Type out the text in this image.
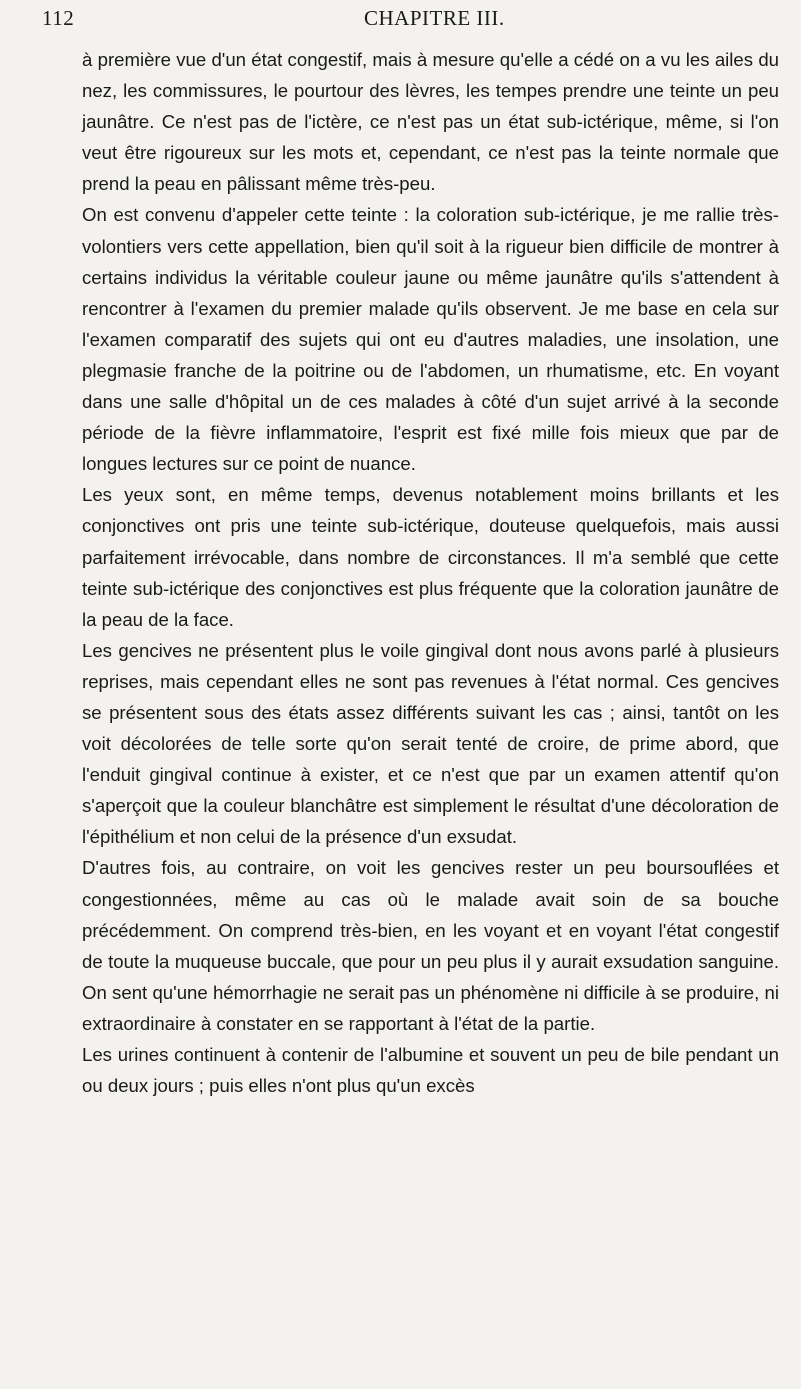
112	CHAPITRE III.

à première vue d'un état congestif, mais à mesure qu'elle a cédé on a vu les ailes du nez, les commissures, le pourtour des lèvres, les tempes prendre une teinte un peu jaunâtre. Ce n'est pas de l'ictère, ce n'est pas un état sub-ictérique, même, si l'on veut être rigoureux sur les mots et, cependant, ce n'est pas la teinte normale que prend la peau en pâlissant même très-peu.

On est convenu d'appeler cette teinte : la coloration sub-ictérique, je me rallie très-volontiers vers cette appellation, bien qu'il soit à la rigueur bien difficile de montrer à certains individus la véritable couleur jaune ou même jaunâtre qu'ils s'attendent à rencontrer à l'examen du premier malade qu'ils observent. Je me base en cela sur l'examen comparatif des sujets qui ont eu d'autres maladies, une insolation, une plegmasie franche de la poitrine ou de l'abdomen, un rhumatisme, etc. En voyant dans une salle d'hôpital un de ces malades à côté d'un sujet arrivé à la seconde période de la fièvre inflammatoire, l'esprit est fixé mille fois mieux que par de longues lectures sur ce point de nuance.

Les yeux sont, en même temps, devenus notablement moins brillants et les conjonctives ont pris une teinte sub-ictérique, douteuse quelquefois, mais aussi parfaitement irrévocable, dans nombre de circonstances. Il m'a semblé que cette teinte sub-ictérique des conjonctives est plus fréquente que la coloration jaunâtre de la peau de la face.

Les gencives ne présentent plus le voile gingival dont nous avons parlé à plusieurs reprises, mais cependant elles ne sont pas revenues à l'état normal. Ces gencives se présentent sous des états assez différents suivant les cas ; ainsi, tantôt on les voit décolorées de telle sorte qu'on serait tenté de croire, de prime abord, que l'enduit gingival continue à exister, et ce n'est que par un examen attentif qu'on s'aperçoit que la couleur blanchâtre est simplement le résultat d'une décoloration de l'épithélium et non celui de la présence d'un exsudat.

D'autres fois, au contraire, on voit les gencives rester un peu boursouflées et congestionnées, même au cas où le malade avait soin de sa bouche précédemment. On comprend très-bien, en les voyant et en voyant l'état congestif de toute la muqueuse buccale, que pour un peu plus il y aurait exsudation sanguine. On sent qu'une hémorrhagie ne serait pas un phénomène ni difficile à se produire, ni extraordinaire à constater en se rapportant à l'état de la partie.

Les urines continuent à contenir de l'albumine et souvent un peu de bile pendant un ou deux jours ; puis elles n'ont plus qu'un excès
